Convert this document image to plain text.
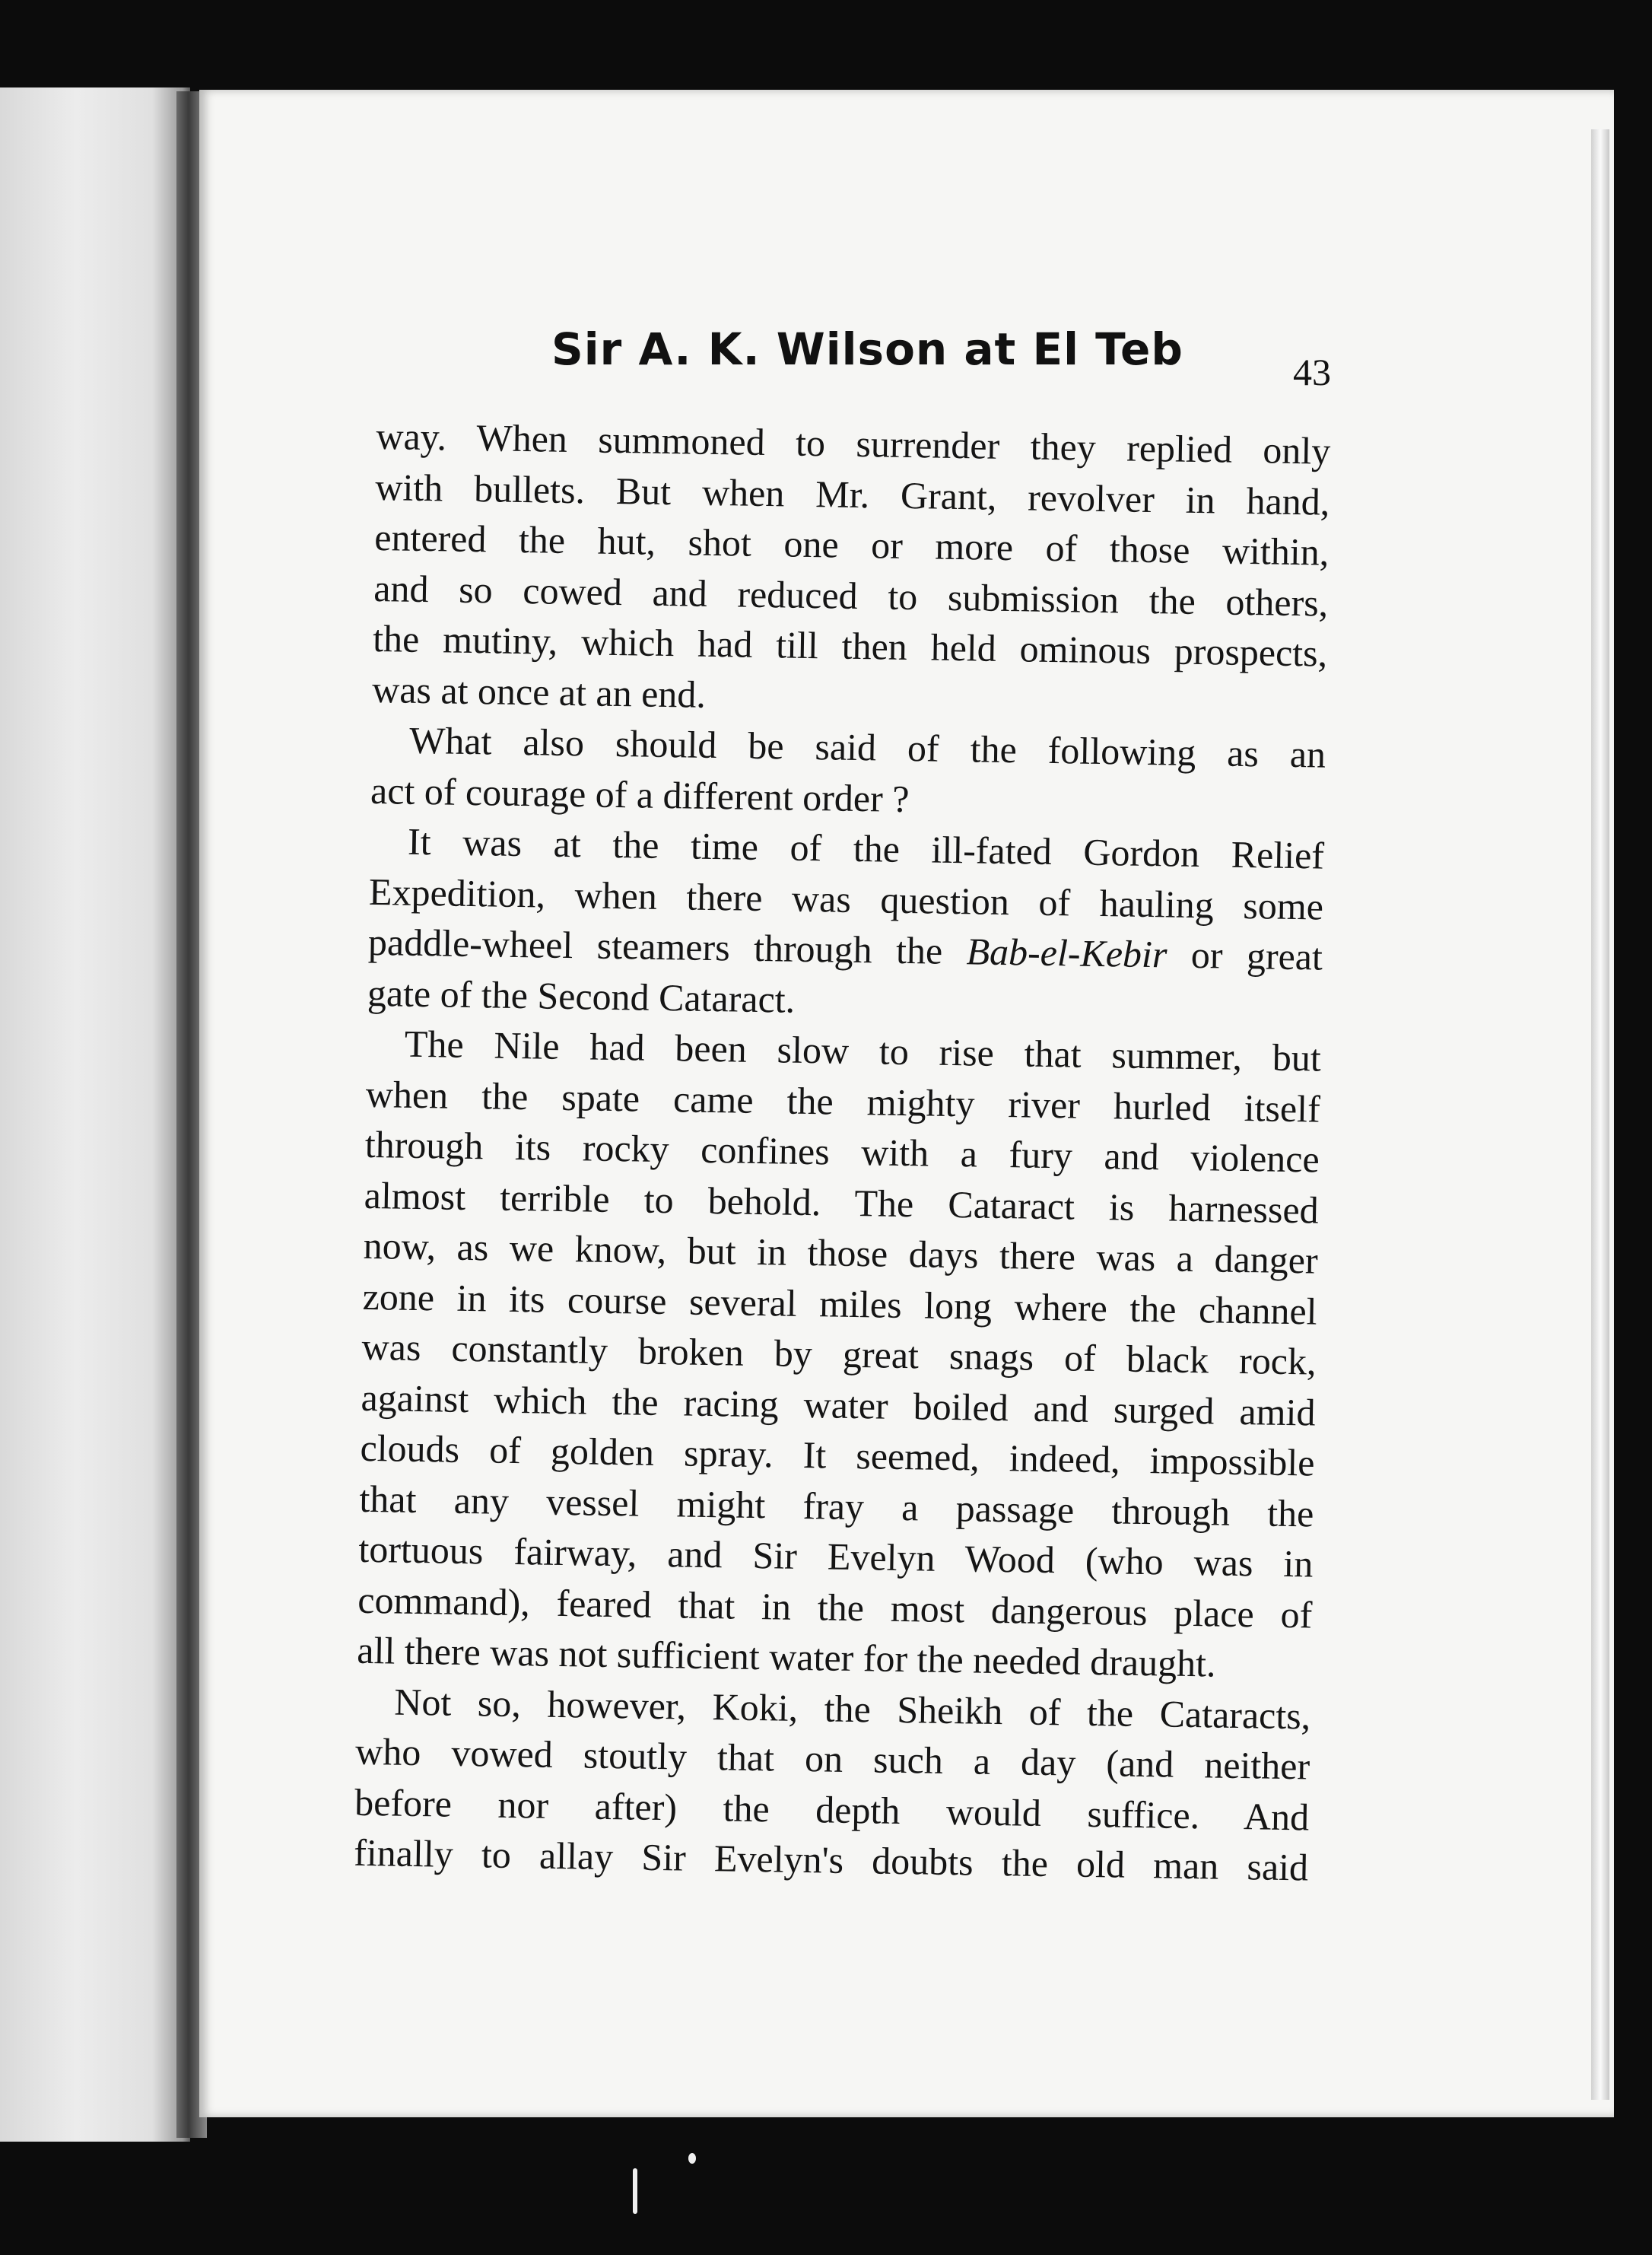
Sir A. K. Wilson at El Teb	43

way. When summoned to surrender they replied only
with bullets. But when Mr. Grant, revolver in hand,
entered the hut, shot one or more of those within,
and so cowed and reduced to submission the others,
the mutiny, which had till then held ominous prospects,
was at once at an end.

What also should be said of the following as an
act of courage of a different order ?

It was at the time of the ill-fated Gordon Relief
Expedition, when there was question of hauling some
paddle-wheel steamers through the Bab-el-Kebir or great
gate of the Second Cataract.

The Nile had been slow to rise that summer, but
when the spate came the mighty river hurled itself
through its rocky confines with a fury and violence
almost terrible to behold. The Cataract is harnessed
now, as we know, but in those days there was a danger
zone in its course several miles long where the channel
was constantly broken by great snags of black rock,
against which the racing water boiled and surged amid
clouds of golden spray. It seemed, indeed, impossible
that any vessel might fray a passage through the
tortuous fairway, and Sir Evelyn Wood (who was in
command), feared that in the most dangerous place of
all there was not sufficient water for the needed draught.

Not so, however, Koki, the Sheikh of the Cataracts,
who vowed stoutly that on such a day (and neither
before nor after) the depth would suffice. And
finally to allay Sir Evelyn's doubts the old man said
